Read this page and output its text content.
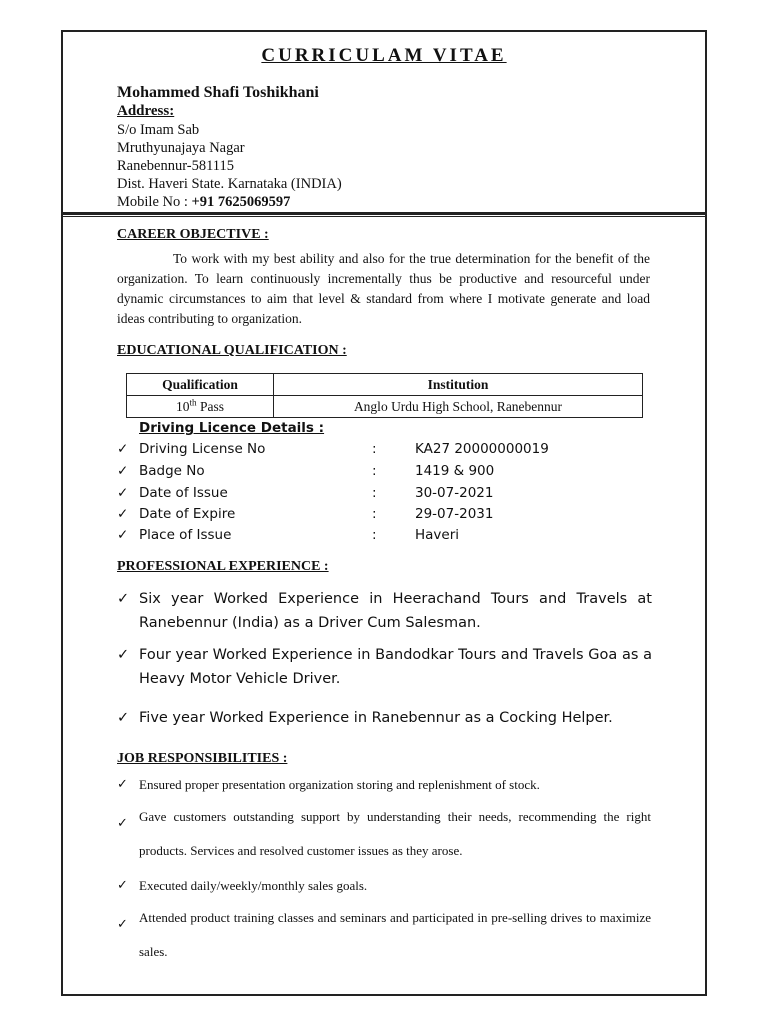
CURRICULAM VITAE
Mohammed Shafi Toshikhani
Address:
S/o Imam Sab
Mruthyunajaya Nagar
Ranebennur-581115
Dist. Haveri State. Karnataka (INDIA)
Mobile No : +91 7625069597
CAREER OBJECTIVE :
To work with my best ability and also for the true determination for the benefit of the organization. To learn continuously incrementally thus be productive and resourceful under dynamic circumstances to aim that level & standard from where I motivate generate and load ideas contributing to organization.
EDUCATIONAL QUALIFICATION :
Qualification	Institution
10th Pass	Anglo Urdu High School, Ranebennur
Driving Licence Details :
✓ Driving License No	:	KA27 20000000019
✓ Badge No	:	1419 & 900
✓ Date of Issue	:	30-07-2021
✓ Date of Expire	:	29-07-2031
✓ Place of Issue	:	Haveri
PROFESSIONAL EXPERIENCE :
✓ Six year Worked Experience in Heerachand Tours and Travels at Ranebennur (India) as a Driver Cum Salesman.
✓ Four year Worked Experience in Bandodkar Tours and Travels Goa as a Heavy Motor Vehicle Driver.
✓ Five year Worked Experience in Ranebennur as a Cocking Helper.
JOB RESPONSIBILITIES :
✓ Ensured proper presentation organization storing and replenishment of stock.
✓ Gave customers outstanding support by understanding their needs, recommending the right products. Services and resolved customer issues as they arose.
✓ Executed daily/weekly/monthly sales goals.
✓ Attended product training classes and seminars and participated in pre-selling drives to maximize sales.
